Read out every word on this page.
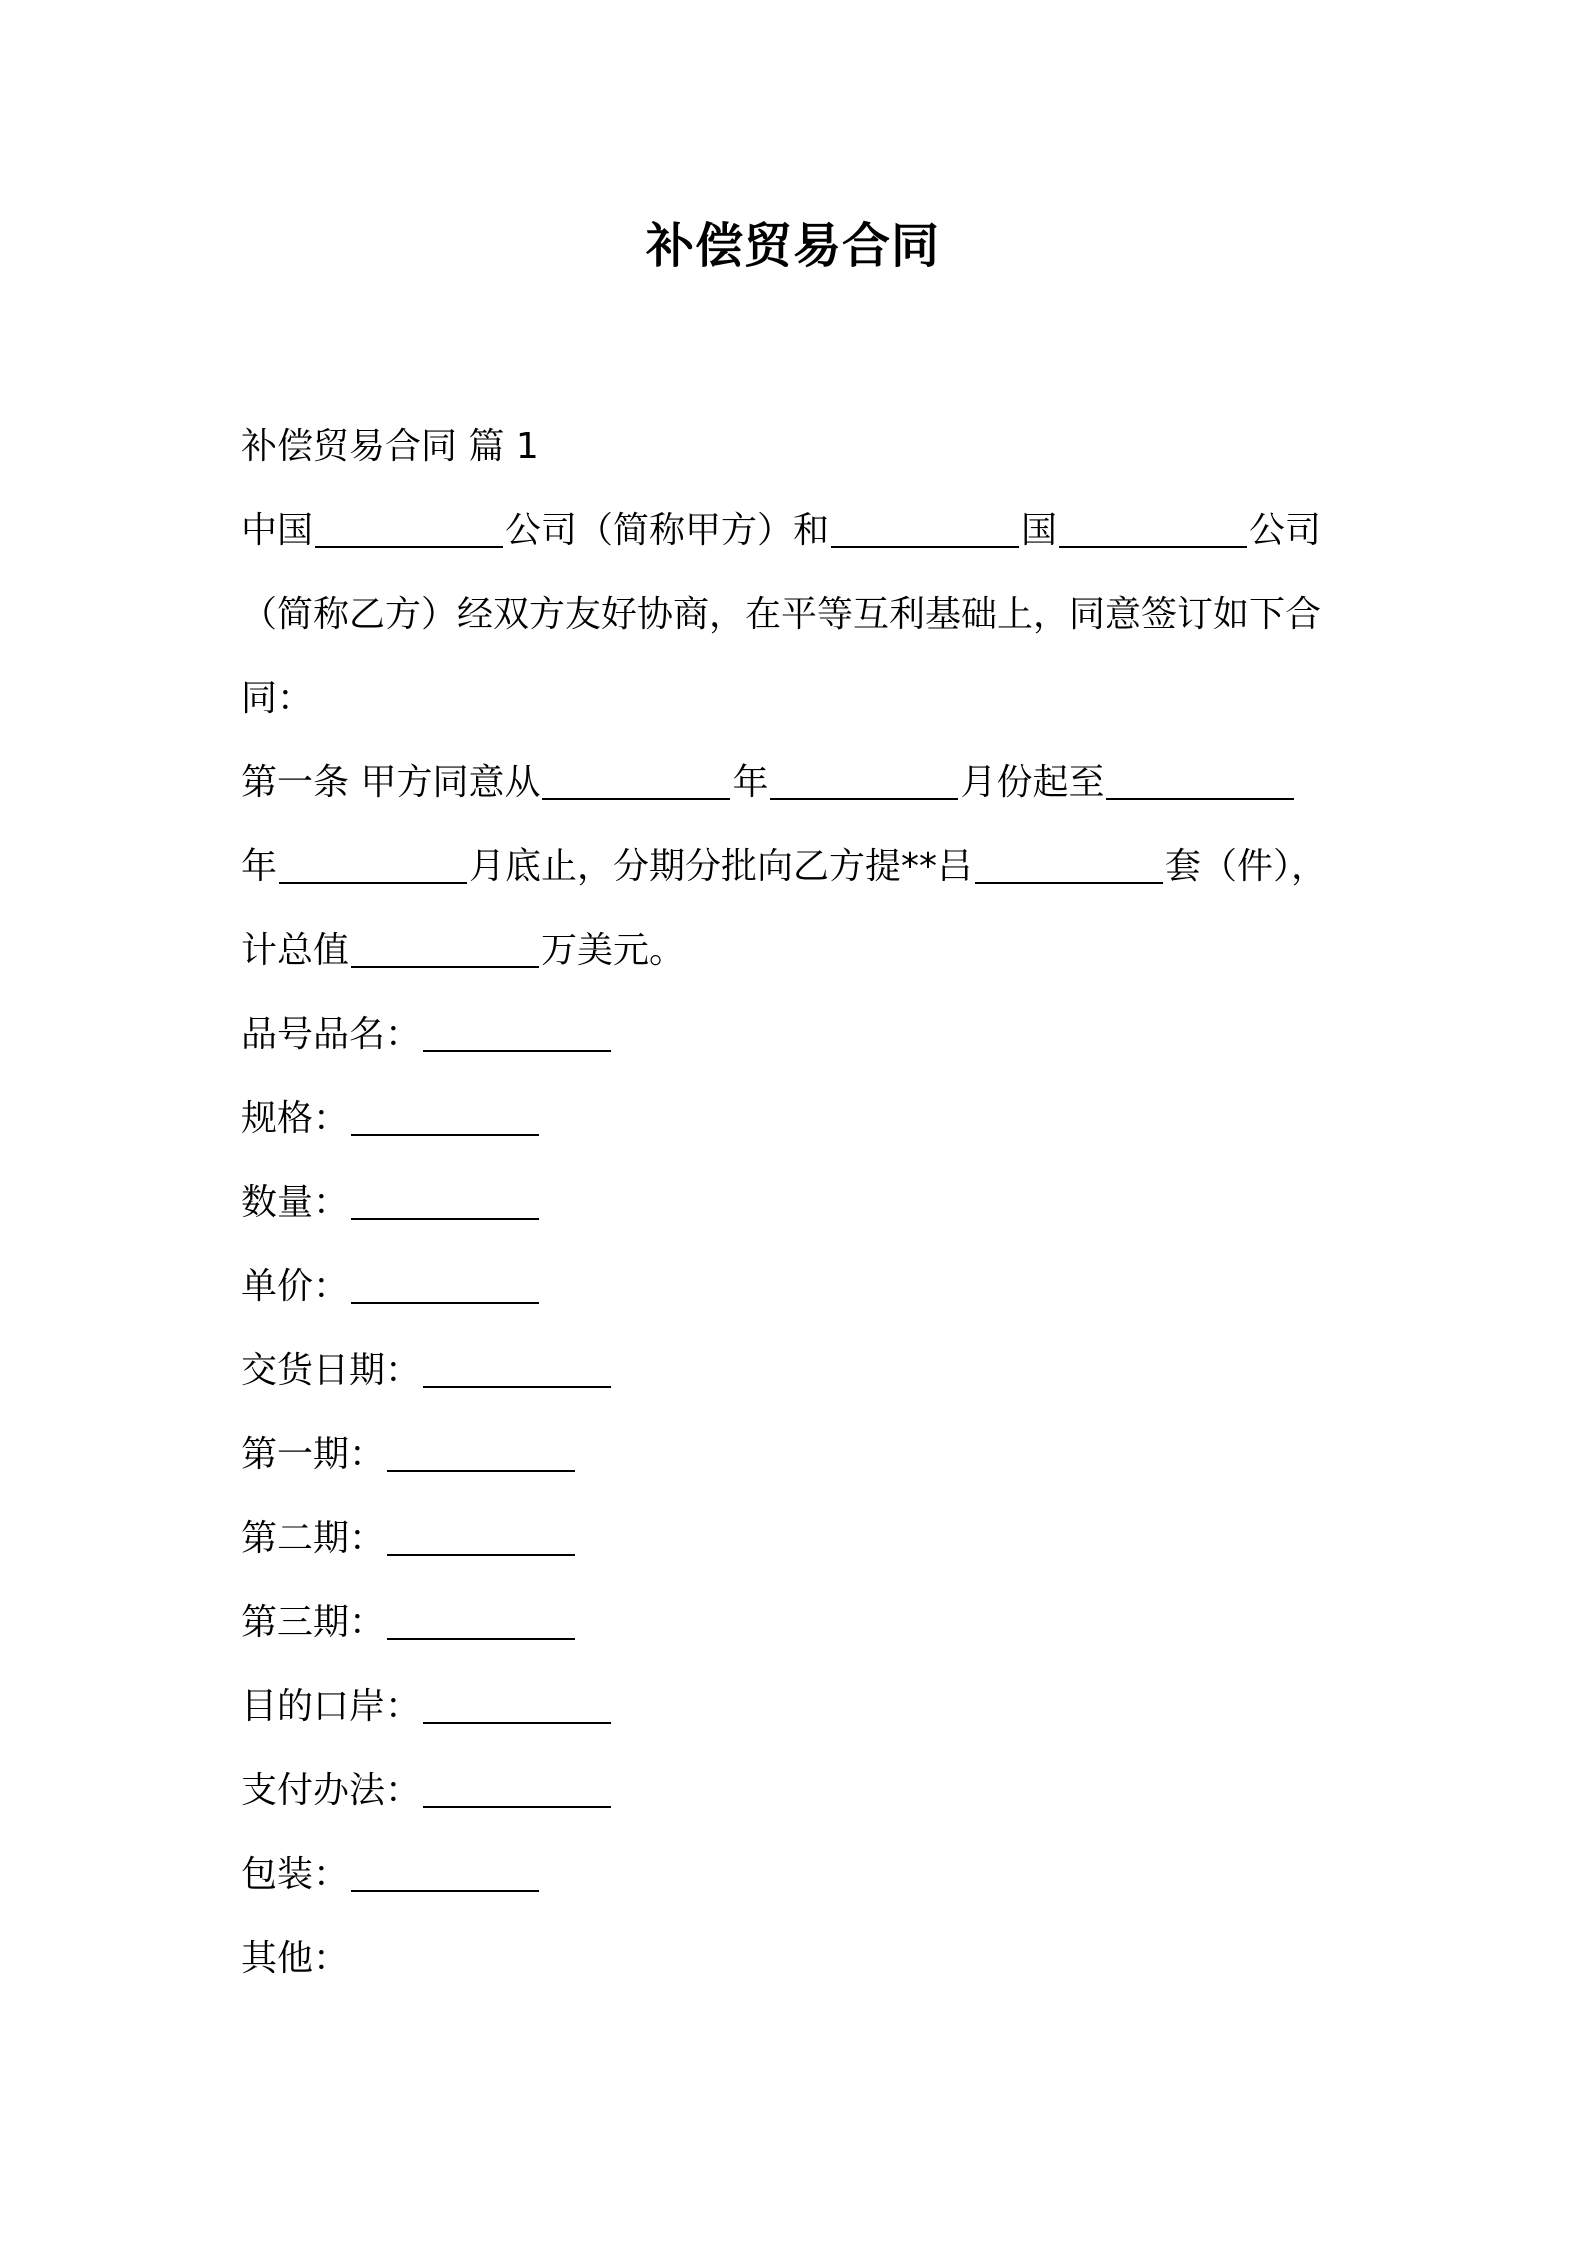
补偿贸易合同
补偿贸易合同 篇 1
中国	公司（简称甲方）和	国	公司
（简称乙方）经双方友好协商，在平等互利基础上，同意签订如下合
同：
第一条 甲方同意从	年	月份起至
年	月底止，分期分批向乙方提**吕	套（件），
计总值	万美元。
品号品名：
规格：
数量：
单价：
交货日期：
第一期：
第二期：
第三期：
目的口岸：
支付办法：
包装：
其他：
